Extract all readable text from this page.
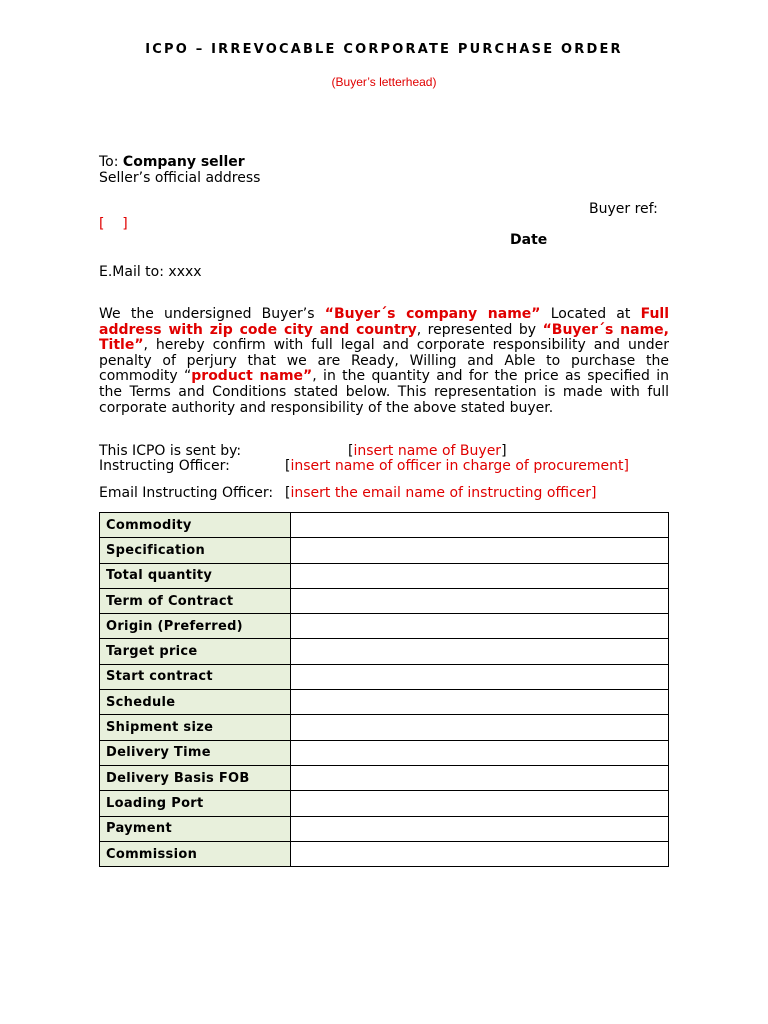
ICPO – IRREVOCABLE CORPORATE PURCHASE ORDER
(Buyer’s letterhead)
To: Company seller
Seller’s official address
Buyer ref:
[    ]
Date
E.Mail to: xxxx
We the undersigned Buyer’s “Buyer´s company name” Located at Full address with zip code city and country, represented by “Buyer´s name, Title”, hereby confirm with full legal and corporate responsibility and under penalty of perjury that we are Ready, Willing and Able to purchase the commodity “product name”, in the quantity and for the price as specified in the Terms and Conditions stated below. This representation is made with full corporate authority and responsibility of the above stated buyer.
This ICPO is sent by:	[insert name of Buyer]
Instructing Officer:	[insert name of officer in charge of procurement]
Email Instructing Officer: [insert the email name of instructing officer]
Commodity	
Specification	
Total quantity	
Term of Contract	
Origin (Preferred)	
Target price	
Start contract	
Schedule	
Shipment size	
Delivery Time	
Delivery Basis FOB	
Loading Port	
Payment	
Commission	
